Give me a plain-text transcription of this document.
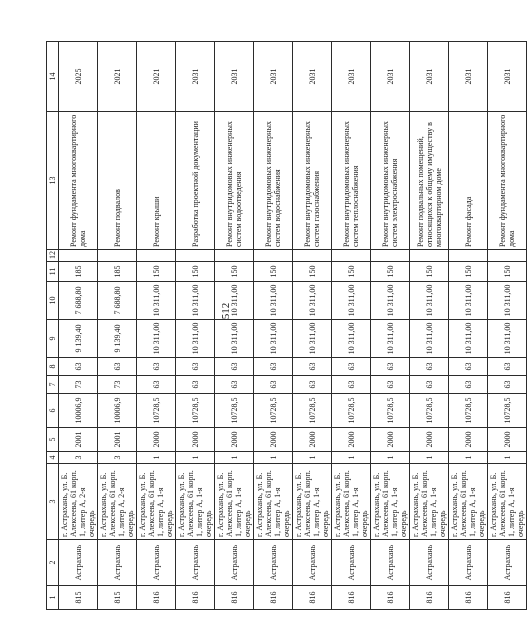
512
1	2	3	4	5	6	7	8	9	10	11	12	13	14
815	Астрахань	г. Астрахань, ул. Б. Алексеева, 61 корп. 1, литер А, 2-я очередь	3	2001	10006,9	73	63	9 139,40	7 688,80	185		Ремонт фундамента многоквартирного дома	2025
815	Астрахань	г. Астрахань, ул. Б. Алексеева, 61 корп. 1, литер А, 2-я очередь	3	2001	10006,9	73	63	9 139,40	7 688,80	185		Ремонт подвалов	2021
816	Астрахань	г. Астрахань, ул. Б. Алексеева, 61 корп. 1, литер А, 1-я очередь	1	2000	10728,5	63	63	10 311,00	10 311,00	150		Ремонт крыши	2021
816	Астрахань	г. Астрахань, ул. Б. Алексеева, 61 корп. 1, литер А, 1-я очередь	1	2000	10728,5	63	63	10 311,00	10 311,00	150		Разработка проектной документации	2031
816	Астрахань	г. Астрахань, ул. Б. Алексеева, 61 корп. 1, литер А, 1-я очередь	1	2000	10728,5	63	63	10 311,00	10 311,00	150		Ремонт внутридомовых инженерных систем водоотведения	2031
816	Астрахань	г. Астрахань, ул. Б. Алексеева, 61 корп. 1, литер А, 1-я очередь	1	2000	10728,5	63	63	10 311,00	10 311,00	150		Ремонт внутридомовых инженерных систем водоснабжения	2031
816	Астрахань	г. Астрахань, ул. Б. Алексеева, 61 корп. 1, литер А, 1-я очередь	1	2000	10728,5	63	63	10 311,00	10 311,00	150		Ремонт внутридомовых инженерных систем газоснабжения	2031
816	Астрахань	г. Астрахань, ул. Б. Алексеева, 61 корп. 1, литер А, 1-я очередь	1	2000	10728,5	63	63	10 311,00	10 311,00	150		Ремонт внутридомовых инженерных систем теплоснабжения	2031
816	Астрахань	г. Астрахань, ул. Б. Алексеева, 61 корп. 1, литер А, 1-я очередь	1	2000	10728,5	63	63	10 311,00	10 311,00	150		Ремонт внутридомовых инженерных систем электроснабжения	2031
816	Астрахань	г. Астрахань, ул. Б. Алексеева, 61 корп. 1, литер А, 1-я очередь	1	2000	10728,5	63	63	10 311,00	10 311,00	150		Ремонт подвальных помещений, относящихся к общему имуществу в многоквартирном доме	2031
816	Астрахань	г. Астрахань, ул. Б. Алексеева, 61 корп. 1, литер А, 1-я очередь	1	2000	10728,5	63	63	10 311,00	10 311,00	150		Ремонт фасада	2031
816	Астрахань	г. Астрахань, ул. Б. Алексеева, 61 корп. 1, литер А, 1-я очередь	1	2000	10728,5	63	63	10 311,00	10 311,00	150		Ремонт фундамента многоквартирного дома	2031
